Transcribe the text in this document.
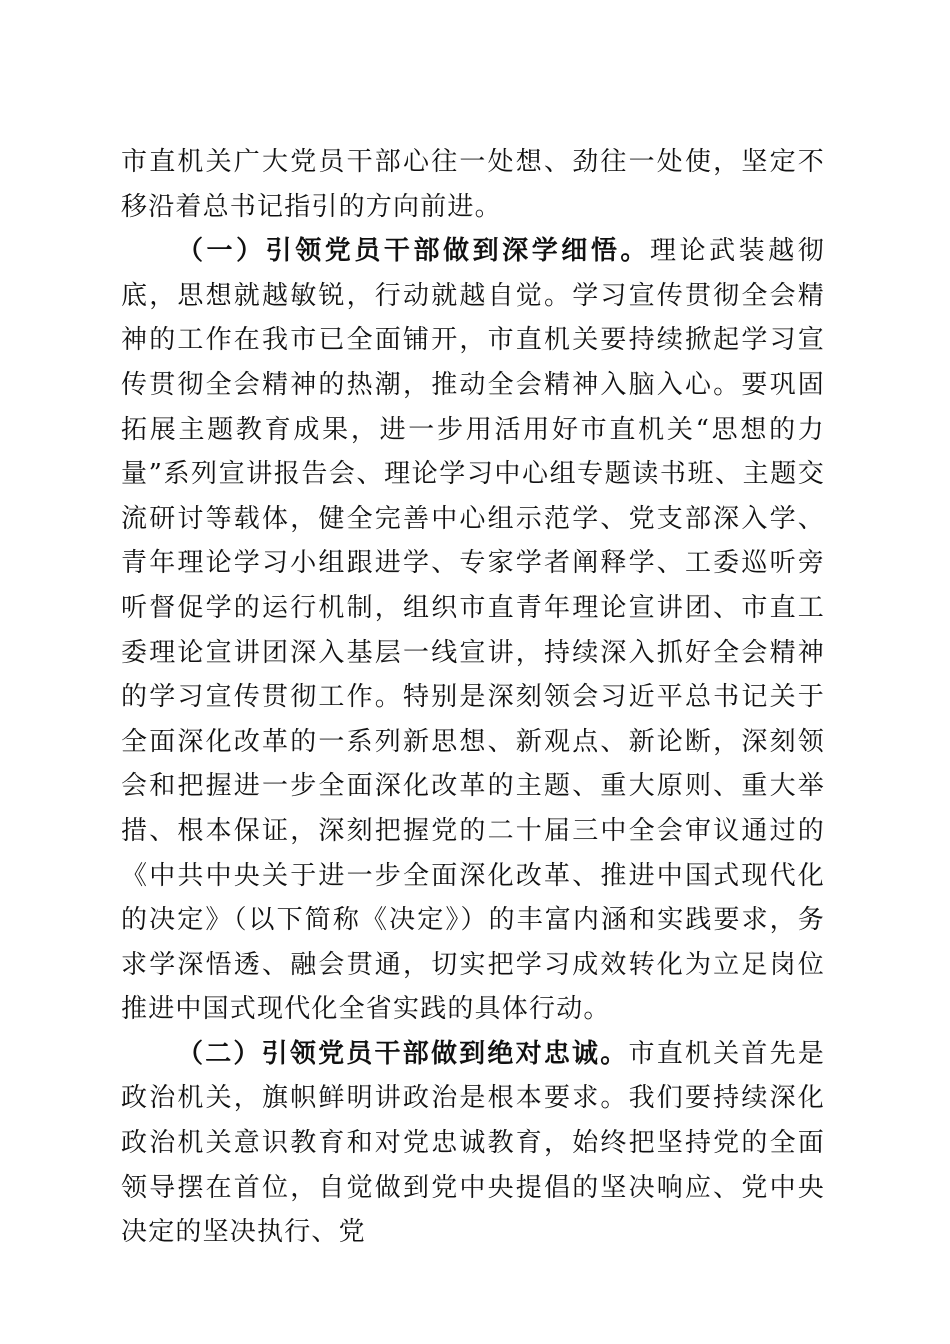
市直机关广大党员干部心往一处想、劲往一处使，坚定不移沿着总书记指引的方向前进。

（一）引领党员干部做到深学细悟。理论武装越彻底，思想就越敏锐，行动就越自觉。学习宣传贯彻全会精神的工作在我市已全面铺开，市直机关要持续掀起学习宣传贯彻全会精神的热潮，推动全会精神入脑入心。要巩固拓展主题教育成果，进一步用活用好市直机关“思想的力量”系列宣讲报告会、理论学习中心组专题读书班、主题交流研讨等载体，健全完善中心组示范学、党支部深入学、青年理论学习小组跟进学、专家学者阐释学、工委巡听旁听督促学的运行机制，组织市直青年理论宣讲团、市直工委理论宣讲团深入基层一线宣讲，持续深入抓好全会精神的学习宣传贯彻工作。特别是深刻领会习近平总书记关于全面深化改革的一系列新思想、新观点、新论断，深刻领会和把握进一步全面深化改革的主题、重大原则、重大举措、根本保证，深刻把握党的二十届三中全会审议通过的《中共中央关于进一步全面深化改革、推进中国式现代化的决定》（以下简称《决定》）的丰富内涵和实践要求，务求学深悟透、融会贯通，切实把学习成效转化为立足岗位推进中国式现代化全省实践的具体行动。

（二）引领党员干部做到绝对忠诚。市直机关首先是政治机关，旗帜鲜明讲政治是根本要求。我们要持续深化政治机关意识教育和对党忠诚教育，始终把坚持党的全面领导摆在首位，自觉做到党中央提倡的坚决响应、党中央决定的坚决执行、党
